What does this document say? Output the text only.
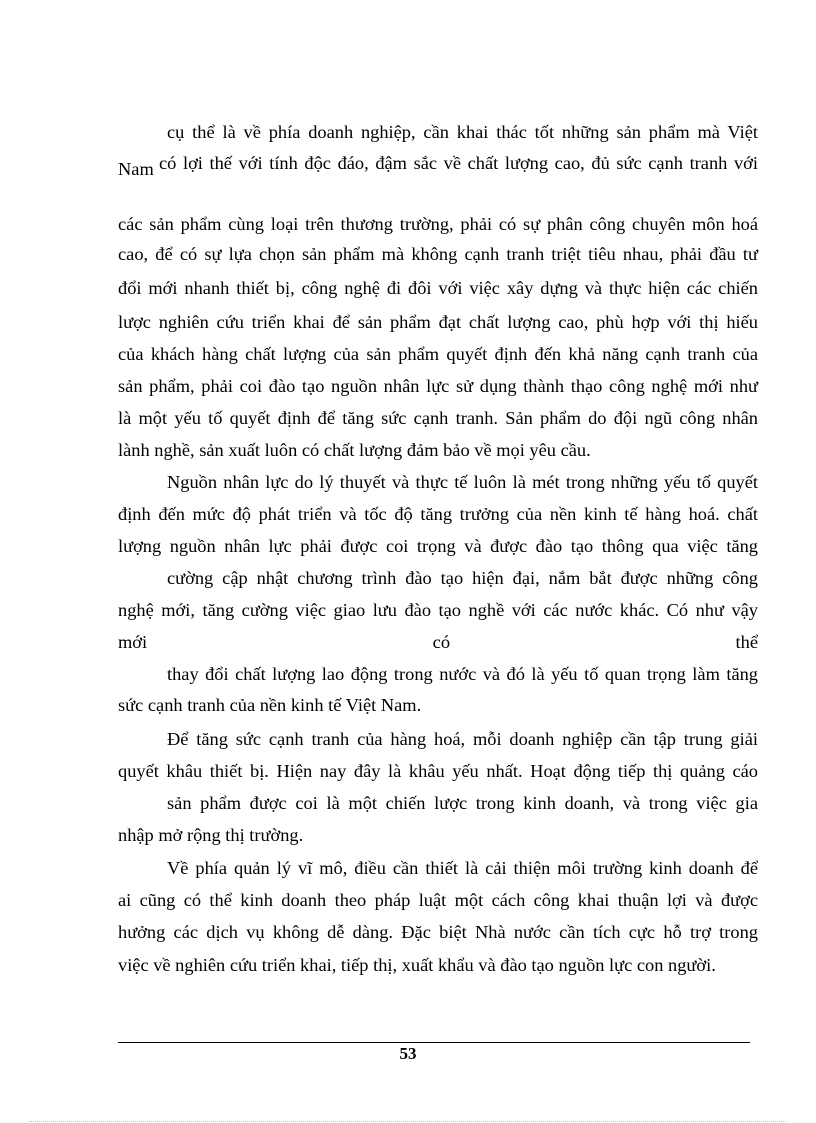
cụ thể là về phía doanh nghiệp, cần khai thác tốt những sản phẩm mà Việt
Nam có lợi thế với tính độc đáo, đậm sắc về chất lượng cao, đủ sức cạnh tranh với
các sản phẩm cùng loại trên thương trường, phải có sự phân công chuyên môn hoá
cao, để có sự lựa chọn sản phẩm mà không cạnh tranh triệt tiêu nhau, phải đầu tư
đổi mới nhanh thiết bị, công nghệ đi đôi với việc xây dựng và thực hiện các chiến
lược nghiên cứu triển khai để sản phẩm đạt chất lượng cao, phù hợp với thị hiếu
của khách hàng chất lượng của sản phẩm quyết định đến khả năng cạnh tranh của
sản phẩm, phải coi đào tạo nguồn nhân lực sử dụng thành thạo công nghệ mới như
là một yếu tố quyết định để tăng sức cạnh tranh. Sản phẩm do đội ngũ công nhân
lành nghề, sản xuất luôn có chất lượng đảm bảo về mọi yêu cầu.
Nguồn nhân lực do lý thuyết và thực tế luôn là mét trong những yếu tố quyết
định đến mức độ phát triển và tốc độ tăng trưởng của nền kinh tế hàng hoá. chất
lượng nguồn nhân lực phải được coi trọng và được đào tạo thông qua việc tăng
cường cập nhật chương trình đào tạo hiện đại, nắm bắt được những công
nghệ mới, tăng cường việc giao lưu đào tạo nghề với các nước khác. Có như vậy
mới	có	thể
thay đổi chất lượng lao động trong nước và đó là yếu tố quan trọng làm tăng
sức cạnh tranh của nền kinh tế Việt Nam.
Để tăng sức cạnh tranh của hàng hoá, mỗi doanh nghiệp cần tập trung giải
quyết khâu thiết bị. Hiện nay đây là khâu yếu nhất. Hoạt động tiếp thị quảng cáo
sản phẩm được coi là một chiến lược trong kinh doanh, và trong việc gia
nhập mở rộng thị trường.
Về phía quản lý vĩ mô, điều cần thiết là cải thiện môi trường kinh doanh để
ai cũng có thể kinh doanh theo pháp luật một cách công khai thuận lợi và được
hưởng các dịch vụ không dễ dàng. Đặc biệt Nhà nước cần tích cực hỗ trợ trong
việc về nghiên cứu triển khai, tiếp thị, xuất khẩu và đào tạo nguồn lực con người.
53
